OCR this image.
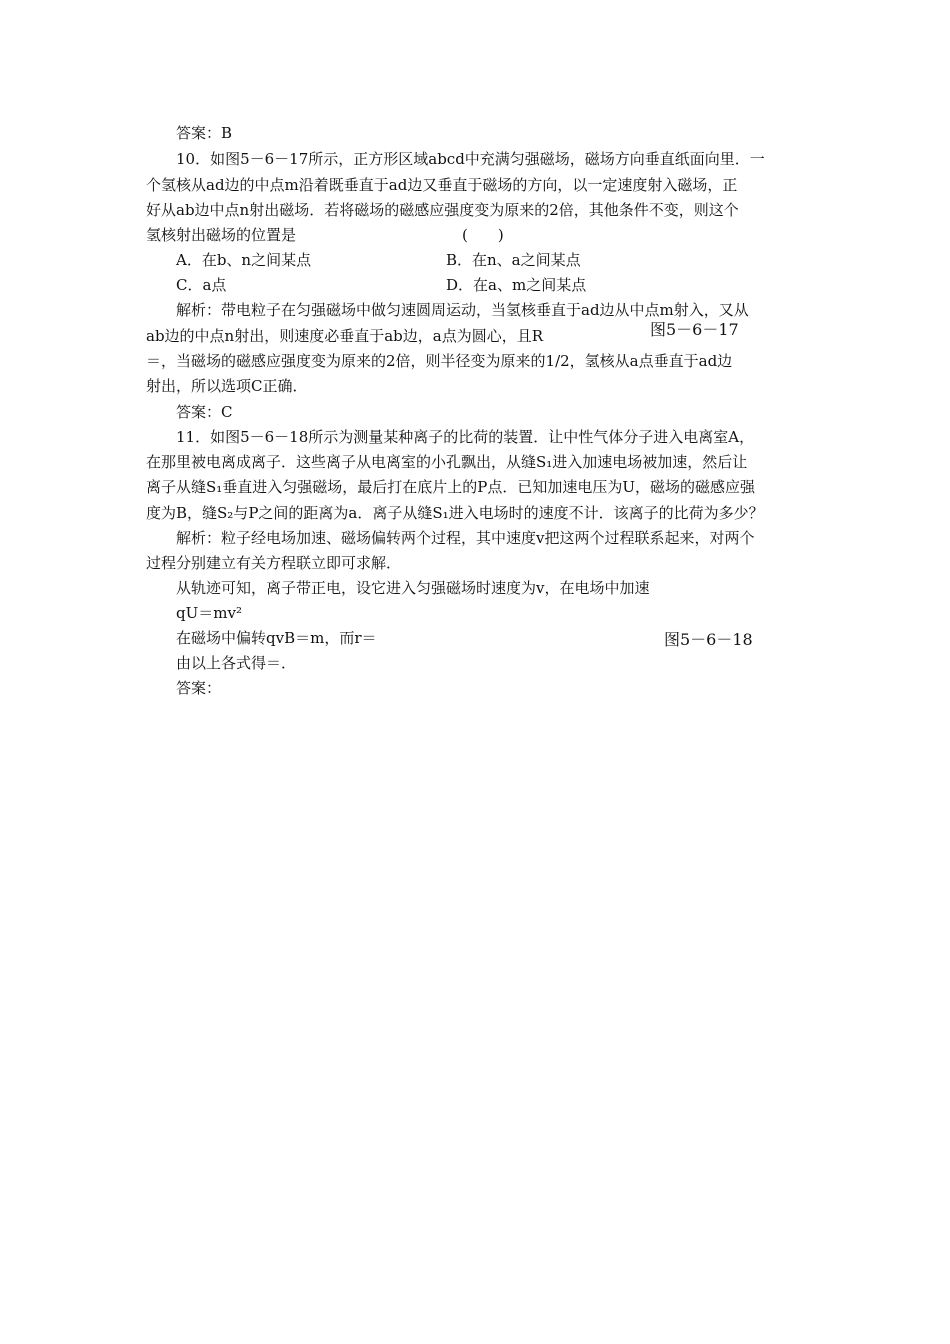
答案：B
10．如图5－6－17所示，正方形区域abcd中充满匀强磁场，磁场方向垂直纸面向里．一
个氢核从ad边的中点m沿着既垂直于ad边又垂直于磁场的方向，以一定速度射入磁场，正
好从ab边中点n射出磁场．若将磁场的磁感应强度变为原来的2倍，其他条件不变，则这个
氢核射出磁场的位置是	(　　)
A．在b、n之间某点	B．在n、a之间某点
C．a点	D．在a、m之间某点
解析：带电粒子在匀强磁场中做匀速圆周运动，当氢核垂直于ad边从中点m射入，又从
ab边的中点n射出，则速度必垂直于ab边，a点为圆心，且R	图5－6－17
＝，当磁场的磁感应强度变为原来的2倍，则半径变为原来的1/2，氢核从a点垂直于ad边
射出，所以选项C正确．
答案：C
11．如图5－6－18所示为测量某种离子的比荷的装置．让中性气体分子进入电离室A，
在那里被电离成离子．这些离子从电离室的小孔飘出，从缝S₁进入加速电场被加速，然后让
离子从缝S₁垂直进入匀强磁场，最后打在底片上的P点．已知加速电压为U，磁场的磁感应强
度为B，缝S₂与P之间的距离为a．离子从缝S₁进入电场时的速度不计．该离子的比荷为多少？
解析：粒子经电场加速、磁场偏转两个过程，其中速度v把这两个过程联系起来，对两个
过程分别建立有关方程联立即可求解．
从轨迹可知，离子带正电，设它进入匀强磁场时速度为v，在电场中加速
qU＝mv²
在磁场中偏转qvB＝m，而r＝	图5－6－18
由以上各式得＝．
答案：
